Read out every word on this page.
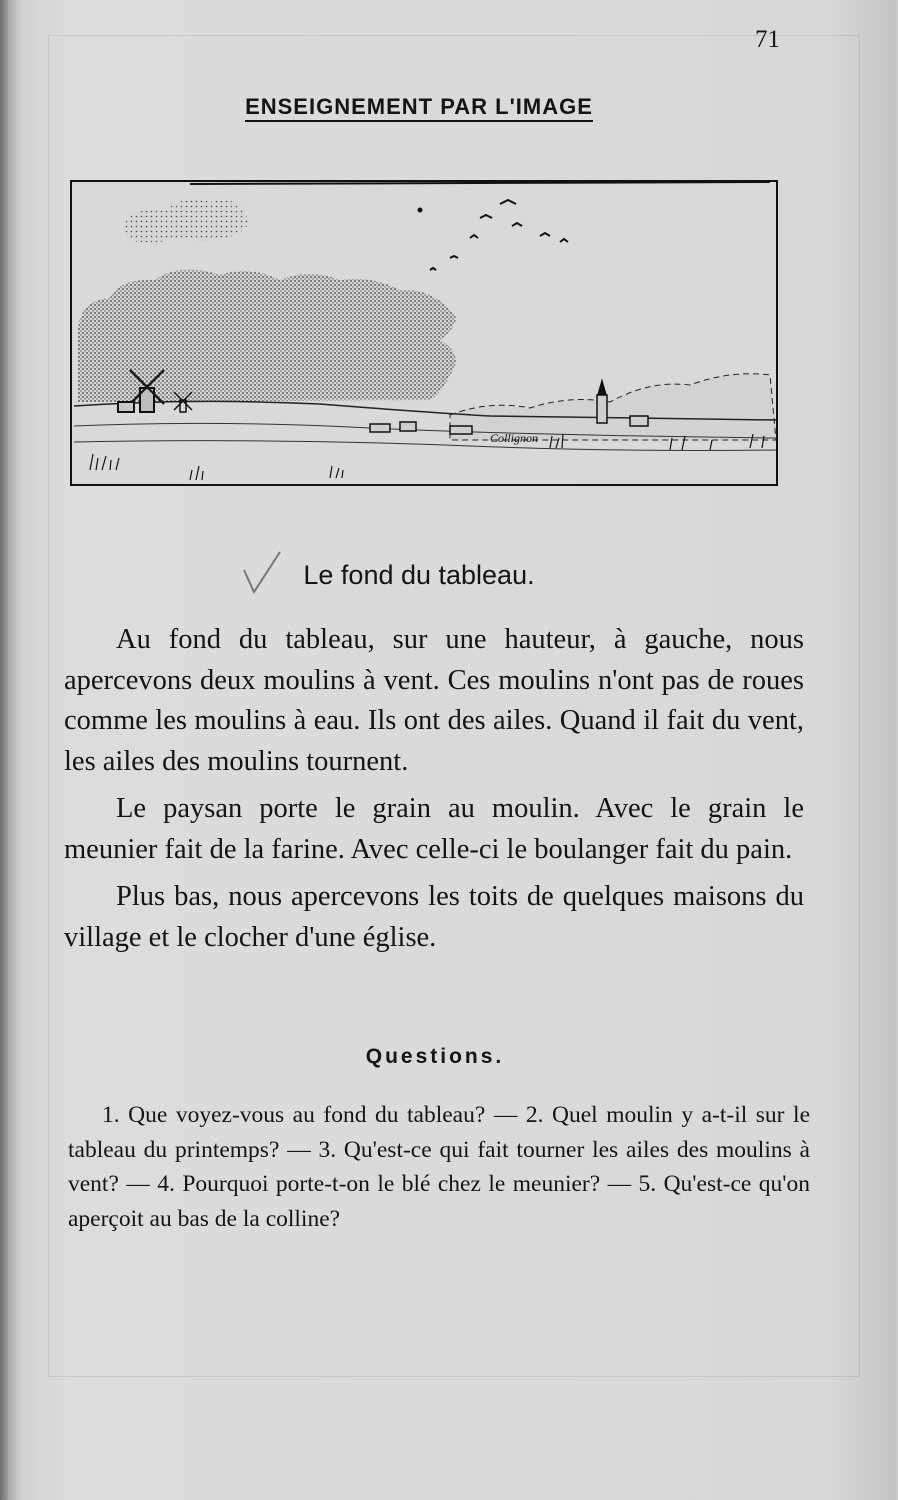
71
ENSEIGNEMENT PAR L'IMAGE
Collignon
Le fond du tableau.

Au fond du tableau, sur une hauteur, à gauche, nous apercevons deux moulins à vent. Ces moulins n'ont pas de roues comme les moulins à eau. Ils ont des ailes. Quand il fait du vent, les ailes des moulins tournent.

Le paysan porte le grain au moulin. Avec le grain le meunier fait de la farine. Avec celle-ci le boulanger fait du pain.

Plus bas, nous apercevons les toits de quelques maisons du village et le clocher d'une église.

Questions.

1. Que voyez-vous au fond du tableau? — 2. Quel moulin y a-t-il sur le tableau du printemps? — 3. Qu'est-ce qui fait tourner les ailes des moulins à vent? — 4. Pourquoi porte-t-on le blé chez le meunier? — 5. Qu'est-ce qu'on aperçoit au bas de la colline?
